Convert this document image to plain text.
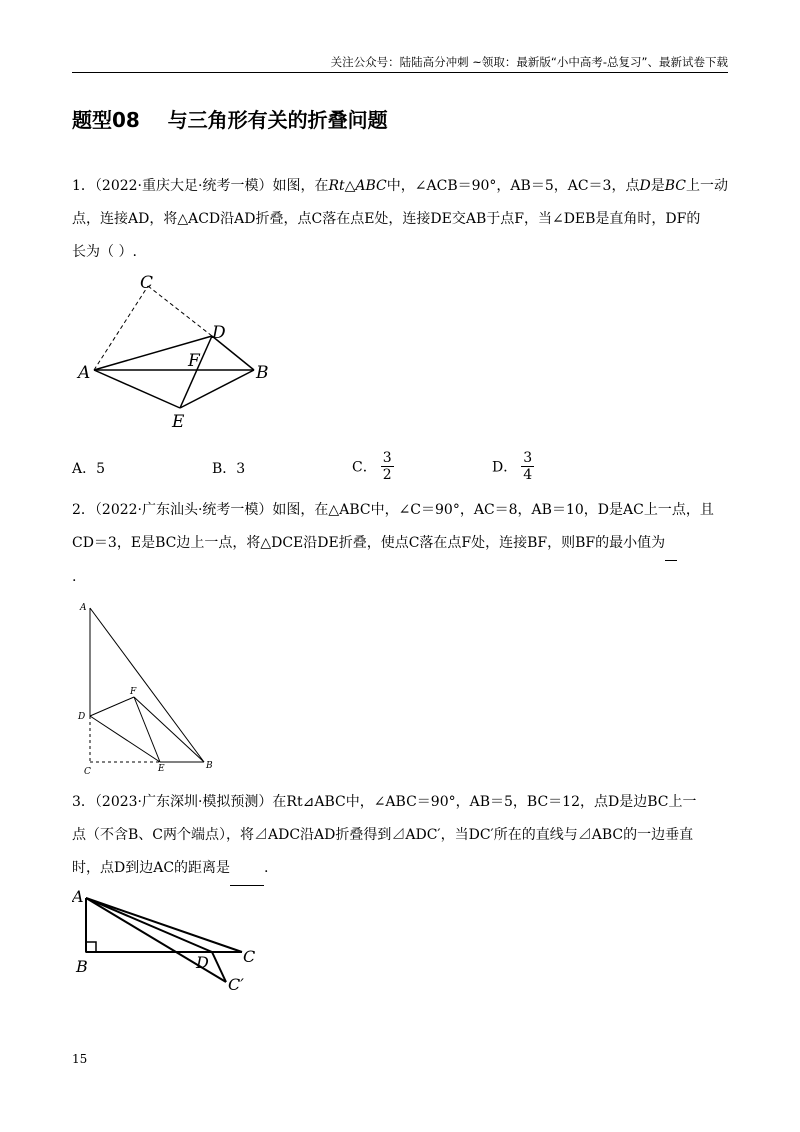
关注公众号：陆陆高分冲刺 ~领取：最新版“小中高考-总复习”、最新试卷下载
题型08    与三角形有关的折叠问题
1．（2022·重庆大足·统考一模）如图，在Rt△ABC中，∠ACB＝90°，AB＝5，AC＝3，点D是BC上一动
点，连接AD，将△ACD沿AD折叠，点C落在点E处，连接DE交AB于点F，当∠DEB是直角时，DF的
长为（ ）.
C
D
A	B
F
E
A．5	B．3	C． $\frac{3}{2}$	D． $\frac{3}{4}$
2．（2022·广东汕头·统考一模）如图，在△ABC中，∠C＝90°，AC＝8，AB＝10，D是AC上一点，且
CD＝3，E是BC边上一点，将△DCE沿DE折叠，使点C落在点F处，连接BF，则BF的最小值为
.
A
F
D
C	E	B
3．（2023·广东深圳·模拟预测）在Rt⊿ABC中，∠ABC＝90°，AB＝5，BC＝12，点D是边BC上一
点（不含B、C两个端点），将⊿ADC沿AD折叠得到⊿ADC′，当DC′所在的直线与⊿ABC的一边垂直
时，点D到边AC的距离是 .
A
B
C
D
C′
15
